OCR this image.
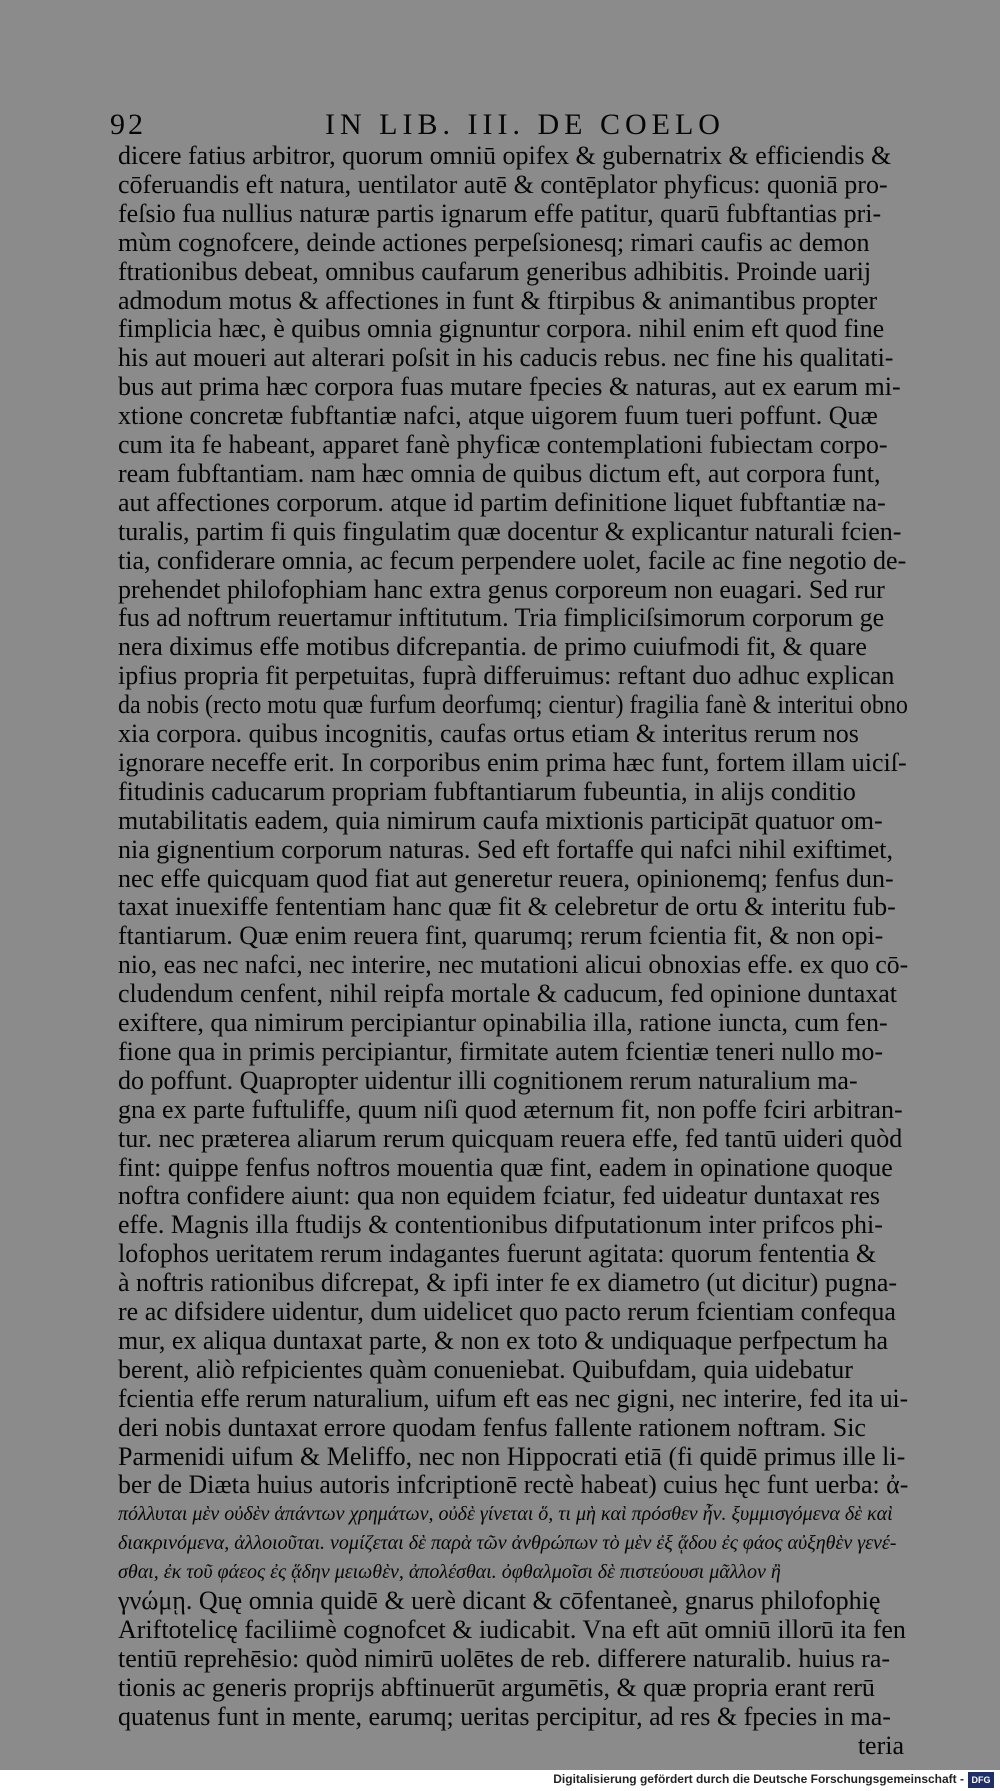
92	IN LIB. III. DE COELO

dicere fatius arbitror, quorum omniū opifex & gubernatrix & efficiendis &

cōferuandis eft natura, uentilator autē & contēplator phyficus: quoniā pro-

feſsio fua nullius naturæ partis ignarum effe patitur, quarū fubftantias pri-

mùm cognofcere, deinde actiones perpeſsionesq; rimari caufis ac demon

ftrationibus debeat, omnibus caufarum generibus adhibitis. Proinde uarij

admodum motus & affectiones in funt & ftirpibus & animantibus propter

fimplicia hæc, è quibus omnia gignuntur corpora. nihil enim eft quod fine

his aut moueri aut alterari poſsit in his caducis rebus. nec fine his qualitati-

bus aut prima hæc corpora fuas mutare fpecies & naturas, aut ex earum mi-

xtione concretæ fubftantiæ nafci, atque uigorem fuum tueri poffunt. Quæ

cum ita fe habeant, apparet fanè phyficæ contemplationi fubiectam corpo-

ream fubftantiam. nam hæc omnia de quibus dictum eft, aut corpora funt,

aut affectiones corporum. atque id partim definitione liquet fubftantiæ na-

turalis, partim fi quis fingulatim quæ docentur & explicantur naturali fcien-

tia, confiderare omnia, ac fecum perpendere uolet, facile ac fine negotio de-

prehendet philofophiam hanc extra genus corporeum non euagari. Sed rur

fus ad noftrum reuertamur inftitutum. Tria fimpliciſsimorum corporum ge

nera diximus effe motibus difcrepantia. de primo cuiufmodi fit, & quare

ipfius propria fit perpetuitas, fuprà differuimus: reftant duo adhuc explican

da nobis (recto motu quæ furfum deorfumq; cientur) fragilia fanè & interitui obno

xia corpora. quibus incognitis, caufas ortus etiam & interitus rerum nos

ignorare neceffe erit. In corporibus enim prima hæc funt, fortem illam uiciſ-

fitudinis caducarum propriam fubftantiarum fubeuntia, in alijs conditio

mutabilitatis eadem, quia nimirum caufa mixtionis participāt quatuor om-

nia gignentium corporum naturas. Sed eft fortaffe qui nafci nihil exiftimet,

nec effe quicquam quod fiat aut generetur reuera, opinionemq; fenfus dun-

taxat inuexiffe fententiam hanc quæ fit & celebretur de ortu & interitu fub-

ftantiarum. Quæ enim reuera fint, quarumq; rerum fcientia fit, & non opi-

nio, eas nec nafci, nec interire, nec mutationi alicui obnoxias effe. ex quo cō-

cludendum cenfent, nihil reipfa mortale & caducum, fed opinione duntaxat

exiftere, qua nimirum percipiantur opinabilia illa, ratione iuncta, cum fen-

fione qua in primis percipiantur, firmitate autem fcientiæ teneri nullo mo-

do poffunt. Quapropter uidentur illi cognitionem rerum naturalium ma-

gna ex parte fuftuliffe, quum niſi quod æternum fit, non poffe fciri arbitran-

tur. nec præterea aliarum rerum quicquam reuera effe, fed tantū uideri quòd

fint: quippe fenfus noftros mouentia quæ fint, eadem in opinatione quoque

noftra confidere aiunt: qua non equidem fciatur, fed uideatur duntaxat res

effe. Magnis illa ftudijs & contentionibus difputationum inter prifcos phi-

lofophos ueritatem rerum indagantes fuerunt agitata: quorum fententia &

à noftris rationibus difcrepat, & ipfi inter fe ex diametro (ut dicitur) pugna-

re ac difsidere uidentur, dum uidelicet quo pacto rerum fcientiam confequa

mur, ex aliqua duntaxat parte, & non ex toto & undiquaque perfpectum ha

berent, aliò refpicientes quàm conueniebat. Quibufdam, quia uidebatur

fcientia effe rerum naturalium, uifum eft eas nec gigni, nec interire, fed ita ui-

deri nobis duntaxat errore quodam fenfus fallente rationem noftram. Sic

Parmenidi uifum & Meliffo, nec non Hippocrati etiā (fi quidē primus ille li-

ber de Diæta huius autoris infcriptionē rectè habeat) cuius hęc funt uerba: ἀ-

πόλλυται μὲν οὐδὲν ἁπάντων χρημάτων, οὐδὲ γίνεται ὅ, τι μὴ καὶ πρόσθεν ἦν. ξυμμισγόμενα δὲ καὶ

διακρινόμενα, ἀλλοιοῦται. νομίζεται δὲ παρὰ τῶν ἀνθρώπων τὸ μὲν ἐξ ᾅδου ἐς φάος αὐξηθὲν γενέ-

σθαι, ἐκ τοῦ φάεος ἐς ᾅδην μειωθὲν, ἀπολέσθαι. ὀφθαλμοῖσι δὲ πιστεύουσι μᾶλλον ἢ

γνώμῃ. Quę omnia quidē & uerè dicant & cōfentaneè, gnarus philofophię

Ariftotelicę faciliimè cognofcet & iudicabit. Vna eft aūt omniū illorū ita fen

tentiū reprehēsio: quòd nimirū uolētes de reb. differere naturalib. huius ra-

tionis ac generis proprijs abftinuerūt argumētis, & quæ propria erant rerū

quatenus funt in mente, earumq; ueritas percipitur, ad res & fpecies in ma-

teria

Digitalisierung gefördert durch die Deutsche Forschungsgemeinschaft - DFG
